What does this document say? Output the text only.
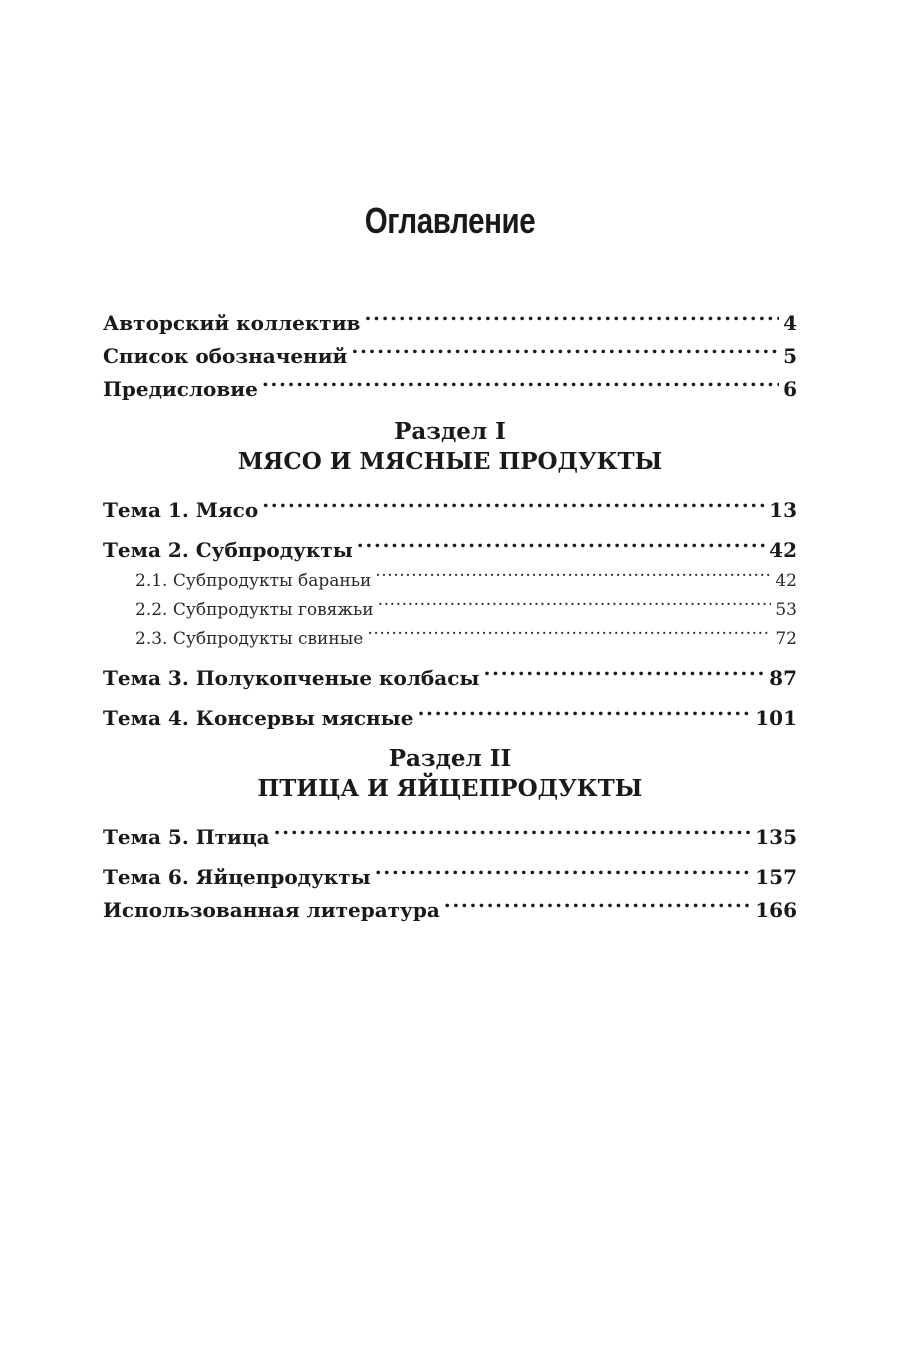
Оглавление
Авторский коллектив .....	4
Список обозначений .....	5
Предисловие .....	6
Раздел I
МЯСО И МЯСНЫЕ ПРОДУКТЫ
Тема 1. Мясо .....	13
Тема 2. Субпродукты .....	42
2.1. Субпродукты бараньи .....	42
2.2. Субпродукты говяжьи .....	53
2.3. Субпродукты свиные .....	72
Тема 3. Полукопченые колбасы .....	87
Тема 4. Консервы мясные .....	101
Раздел II
ПТИЦА И ЯЙЦЕПРОДУКТЫ
Тема 5. Птица .....	135
Тема 6. Яйцепродукты .....	157
Использованная литература .....	166
